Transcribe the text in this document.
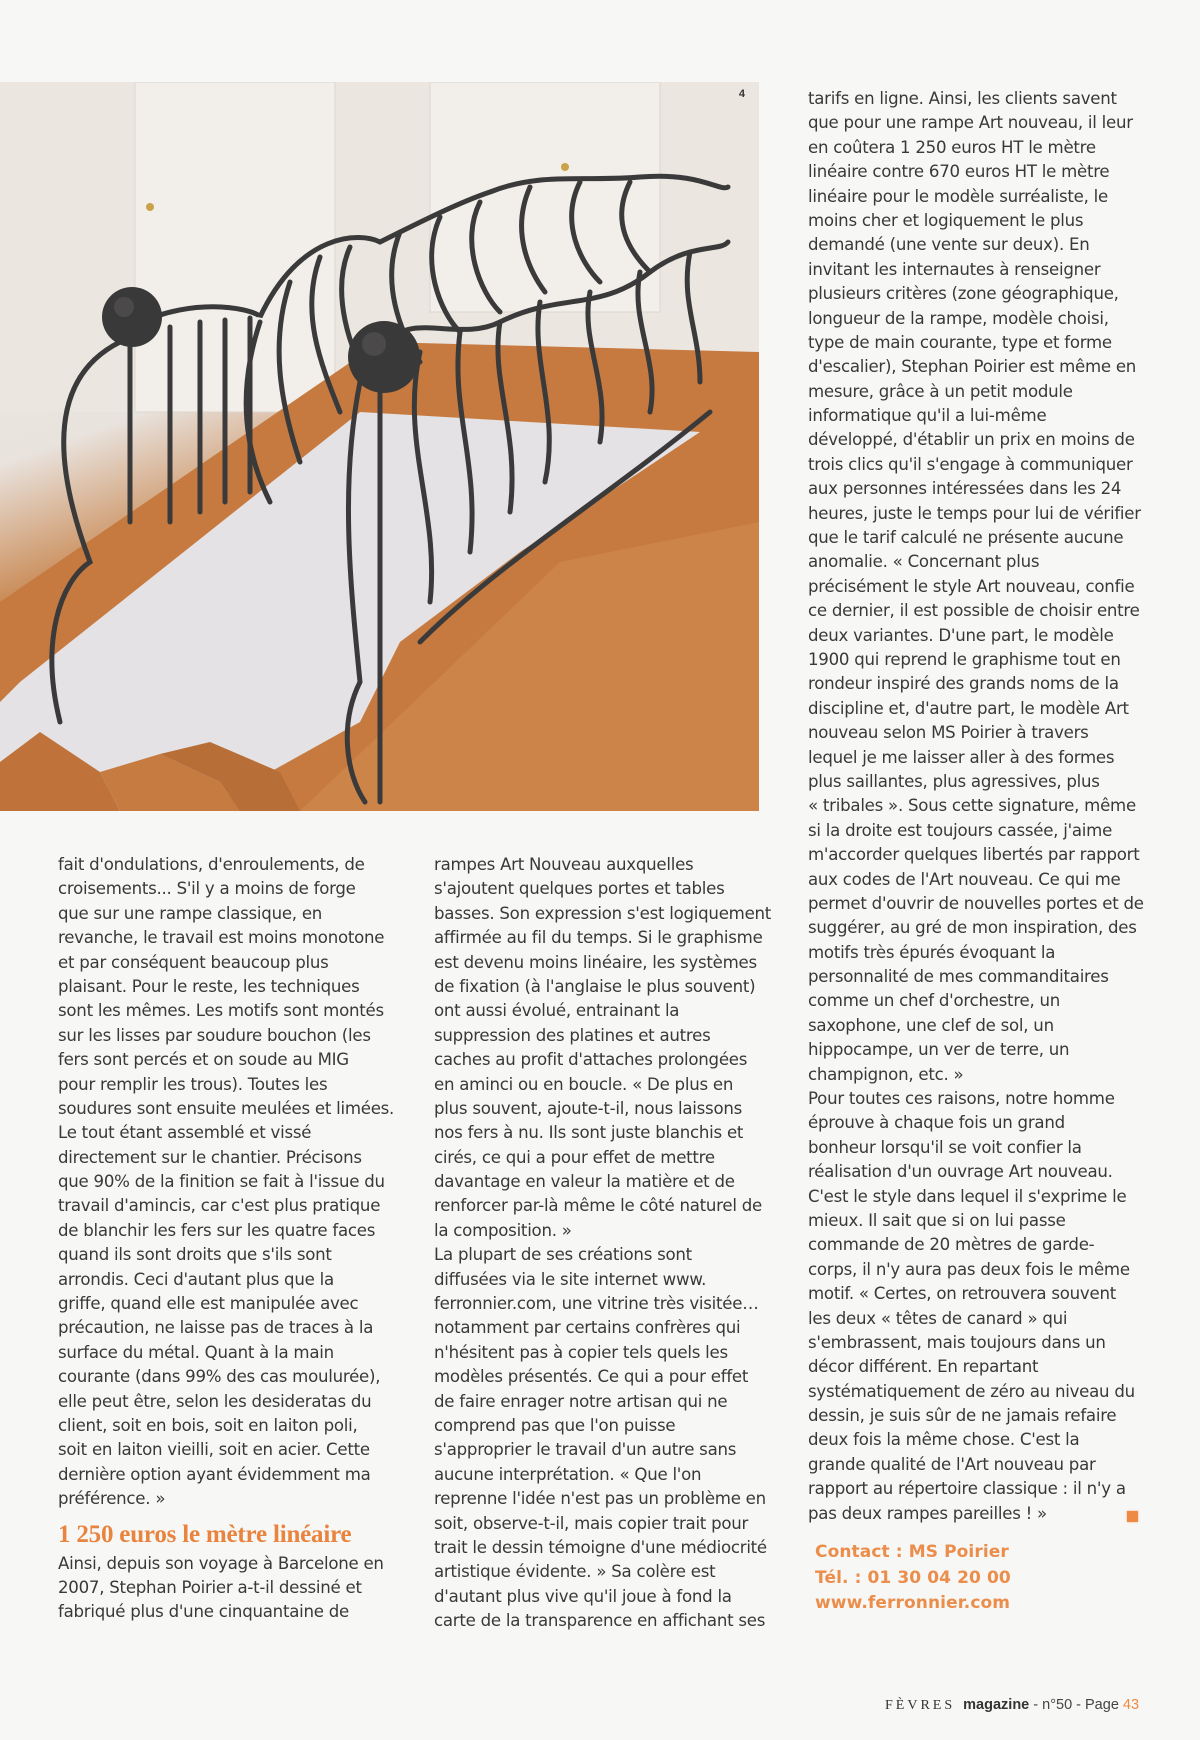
4
fait d'ondulations, d'enroulements, de
croisements... S'il y a moins de forge
que sur une rampe classique, en
revanche, le travail est moins monotone
et par conséquent beaucoup plus
plaisant. Pour le reste, les techniques
sont les mêmes. Les motifs sont montés
sur les lisses par soudure bouchon (les
fers sont percés et on soude au MIG
pour remplir les trous). Toutes les
soudures sont ensuite meulées et limées.
Le tout étant assemblé et vissé
directement sur le chantier. Précisons
que 90% de la finition se fait à l'issue du
travail d'amincis, car c'est plus pratique
de blanchir les fers sur les quatre faces
quand ils sont droits que s'ils sont
arrondis. Ceci d'autant plus que la
griffe, quand elle est manipulée avec
précaution, ne laisse pas de traces à la
surface du métal. Quant à la main
courante (dans 99% des cas moulurée),
elle peut être, selon les desideratas du
client, soit en bois, soit en laiton poli,
soit en laiton vieilli, soit en acier. Cette
dernière option ayant évidemment ma
préférence. »
1 250 euros le mètre linéaire
Ainsi, depuis son voyage à Barcelone en
2007, Stephan Poirier a-t-il dessiné et
fabriqué plus d'une cinquantaine de
rampes Art Nouveau auxquelles
s'ajoutent quelques portes et tables
basses. Son expression s'est logiquement
affirmée au fil du temps. Si le graphisme
est devenu moins linéaire, les systèmes
de fixation (à l'anglaise le plus souvent)
ont aussi évolué, entrainant la
suppression des platines et autres
caches au profit d'attaches prolongées
en aminci ou en boucle. « De plus en
plus souvent, ajoute-t-il, nous laissons
nos fers à nu. Ils sont juste blanchis et
cirés, ce qui a pour effet de mettre
davantage en valeur la matière et de
renforcer par-là même le côté naturel de
la composition. »
La plupart de ses créations sont
diffusées via le site internet www.
ferronnier.com, une vitrine très visitée…
notamment par certains confrères qui
n'hésitent pas à copier tels quels les
modèles présentés. Ce qui a pour effet
de faire enrager notre artisan qui ne
comprend pas que l'on puisse
s'approprier le travail d'un autre sans
aucune interprétation. « Que l'on
reprenne l'idée n'est pas un problème en
soit, observe-t-il, mais copier trait pour
trait le dessin témoigne d'une médiocrité
artistique évidente. » Sa colère est
d'autant plus vive qu'il joue à fond la
carte de la transparence en affichant ses
tarifs en ligne. Ainsi, les clients savent
que pour une rampe Art nouveau, il leur
en coûtera 1 250 euros HT le mètre
linéaire contre 670 euros HT le mètre
linéaire pour le modèle surréaliste, le
moins cher et logiquement le plus
demandé (une vente sur deux). En
invitant les internautes à renseigner
plusieurs critères (zone géographique,
longueur de la rampe, modèle choisi,
type de main courante, type et forme
d'escalier), Stephan Poirier est même en
mesure, grâce à un petit module
informatique qu'il a lui-même
développé, d'établir un prix en moins de
trois clics qu'il s'engage à communiquer
aux personnes intéressées dans les 24
heures, juste le temps pour lui de vérifier
que le tarif calculé ne présente aucune
anomalie. « Concernant plus
précisément le style Art nouveau, confie
ce dernier, il est possible de choisir entre
deux variantes. D'une part, le modèle
1900 qui reprend le graphisme tout en
rondeur inspiré des grands noms de la
discipline et, d'autre part, le modèle Art
nouveau selon MS Poirier à travers
lequel je me laisser aller à des formes
plus saillantes, plus agressives, plus
« tribales ». Sous cette signature, même
si la droite est toujours cassée, j'aime
m'accorder quelques libertés par rapport
aux codes de l'Art nouveau. Ce qui me
permet d'ouvrir de nouvelles portes et de
suggérer, au gré de mon inspiration, des
motifs très épurés évoquant la
personnalité de mes commanditaires
comme un chef d'orchestre, un
saxophone, une clef de sol, un
hippocampe, un ver de terre, un
champignon, etc. »
Pour toutes ces raisons, notre homme
éprouve à chaque fois un grand
bonheur lorsqu'il se voit confier la
réalisation d'un ouvrage Art nouveau.
C'est le style dans lequel il s'exprime le
mieux. Il sait que si on lui passe
commande de 20 mètres de garde-
corps, il n'y aura pas deux fois le même
motif. « Certes, on retrouvera souvent
les deux « têtes de canard » qui
s'embrassent, mais toujours dans un
décor différent. En repartant
systématiquement de zéro au niveau du
dessin, je suis sûr de ne jamais refaire
deux fois la même chose. C'est la
grande qualité de l'Art nouveau par
rapport au répertoire classique : il n'y a
pas deux rampes pareilles ! »
Contact : MS Poirier
Tél. : 01 30 04 20 00
www.ferronnier.com
FÈVRES magazine - n°50 - Page 43
